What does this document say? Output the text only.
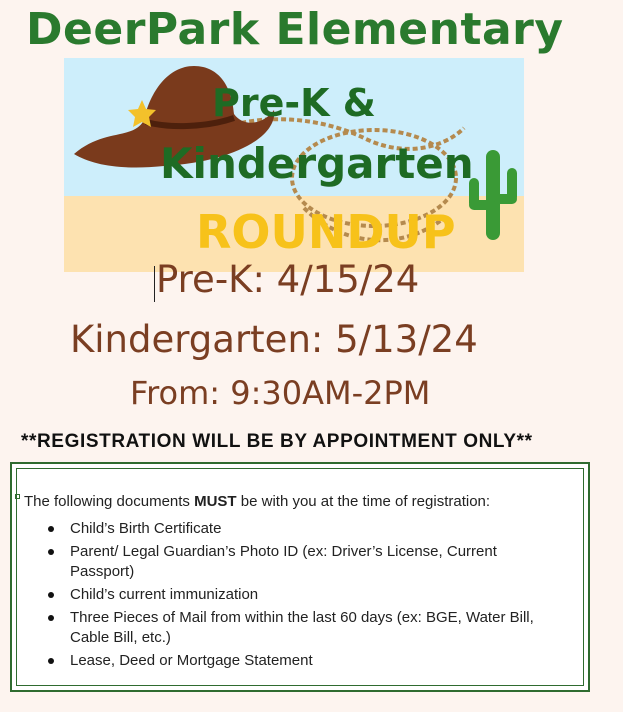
DeerPark Elementary
Pre-K &
Kindergarten
ROUNDUP
Pre-K: 4/15/24
Kindergarten: 5/13/24
From: 9:30AM-2PM
**REGISTRATION WILL BE BY APPOINTMENT ONLY**
The following documents MUST be with you at the time of registration:
Child’s Birth Certificate
Parent/ Legal Guardian’s Photo ID (ex: Driver’s License, Current Passport)
Child’s current immunization
Three Pieces of Mail from within the last 60 days (ex: BGE, Water Bill, Cable Bill, etc.)
Lease, Deed or Mortgage Statement
